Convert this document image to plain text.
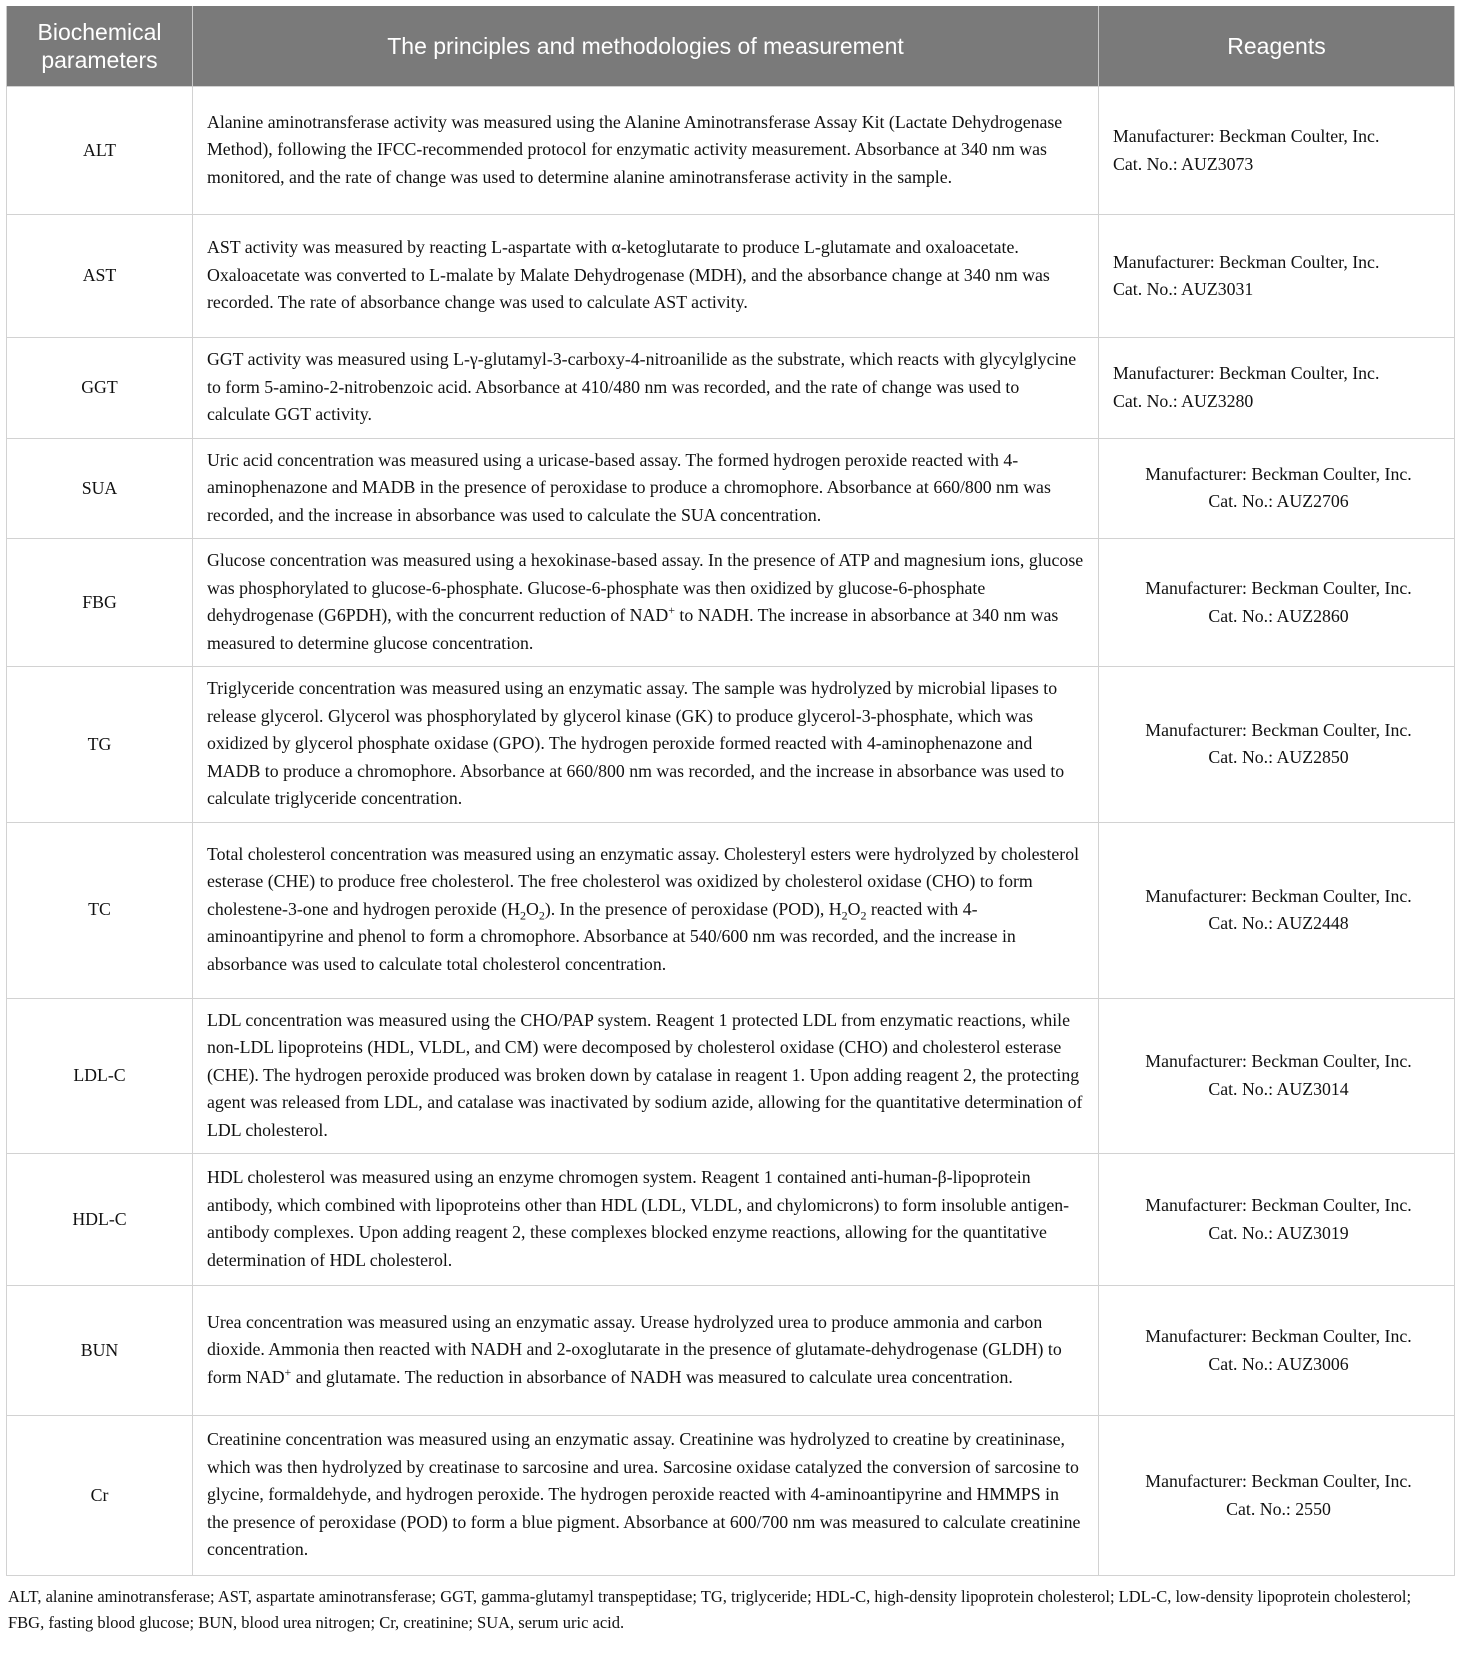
Biochemical parameters	The principles and methodologies of measurement	Reagents
ALT	Alanine aminotransferase activity was measured using the Alanine Aminotransferase Assay Kit (Lactate Dehydrogenase Method), following the IFCC-recommended protocol for enzymatic activity measurement. Absorbance at 340 nm was monitored, and the rate of change was used to determine alanine aminotransferase activity in the sample.	Manufacturer: Beckman Coulter, Inc.
Cat. No.: AUZ3073

AST	AST activity was measured by reacting L-aspartate with α-ketoglutarate to produce L-glutamate and oxaloacetate. Oxaloacetate was converted to L-malate by Malate Dehydrogenase (MDH), and the absorbance change at 340 nm was recorded. The rate of absorbance change was used to calculate AST activity.	Manufacturer: Beckman Coulter, Inc.
Cat. No.: AUZ3031

GGT	GGT activity was measured using L-γ-glutamyl-3-carboxy-4-nitroanilide as the substrate, which reacts with glycylglycine to form 5-amino-2-nitrobenzoic acid. Absorbance at 410/480 nm was recorded, and the rate of change was used to calculate GGT activity.	Manufacturer: Beckman Coulter, Inc.
Cat. No.: AUZ3280

SUA	Uric acid concentration was measured using a uricase-based assay. The formed hydrogen peroxide reacted with 4-aminophenazone and MADB in the presence of peroxidase to produce a chromophore. Absorbance at 660/800 nm was recorded, and the increase in absorbance was used to calculate the SUA concentration.	Manufacturer: Beckman Coulter, Inc.
Cat. No.: AUZ2706

FBG	Glucose concentration was measured using a hexokinase-based assay. In the presence of ATP and magnesium ions, glucose was phosphorylated to glucose-6-phosphate. Glucose-6-phosphate was then oxidized by glucose-6-phosphate dehydrogenase (G6PDH), with the concurrent reduction of NAD+ to NADH. The increase in absorbance at 340 nm was measured to determine glucose concentration.	Manufacturer: Beckman Coulter, Inc.
Cat. No.: AUZ2860

TG	Triglyceride concentration was measured using an enzymatic assay. The sample was hydrolyzed by microbial lipases to release glycerol. Glycerol was phosphorylated by glycerol kinase (GK) to produce glycerol-3-phosphate, which was oxidized by glycerol phosphate oxidase (GPO). The hydrogen peroxide formed reacted with 4-aminophenazone and MADB to produce a chromophore. Absorbance at 660/800 nm was recorded, and the increase in absorbance was used to calculate triglyceride concentration.	Manufacturer: Beckman Coulter, Inc.
Cat. No.: AUZ2850

TC	Total cholesterol concentration was measured using an enzymatic assay. Cholesteryl esters were hydrolyzed by cholesterol esterase (CHE) to produce free cholesterol. The free cholesterol was oxidized by cholesterol oxidase (CHO) to form cholestene-3-one and hydrogen peroxide $(H_2O_2)$. In the presence of peroxidase (POD), $H_2O_2$ reacted with 4-aminoantipyrine and phenol to form a chromophore. Absorbance at 540/600 nm was recorded, and the increase in absorbance was used to calculate total cholesterol concentration.	Manufacturer: Beckman Coulter, Inc.
Cat. No.: AUZ2448

LDL-C	LDL concentration was measured using the CHO/PAP system. Reagent 1 protected LDL from enzymatic reactions, while non-LDL lipoproteins (HDL, VLDL, and CM) were decomposed by cholesterol oxidase (CHO) and cholesterol esterase (CHE). The hydrogen peroxide produced was broken down by catalase in reagent 1. Upon adding reagent 2, the protecting agent was released from LDL, and catalase was inactivated by sodium azide, allowing for the quantitative determination of LDL cholesterol.	Manufacturer: Beckman Coulter, Inc.
Cat. No.: AUZ3014

HDL-C	HDL cholesterol was measured using an enzyme chromogen system. Reagent 1 contained anti-human-β-lipoprotein antibody, which combined with lipoproteins other than HDL (LDL, VLDL, and chylomicrons) to form insoluble antigen-antibody complexes. Upon adding reagent 2, these complexes blocked enzyme reactions, allowing for the quantitative determination of HDL cholesterol.	Manufacturer: Beckman Coulter, Inc.
Cat. No.: AUZ3019

BUN	Urea concentration was measured using an enzymatic assay. Urease hydrolyzed urea to produce ammonia and carbon dioxide. Ammonia then reacted with NADH and 2-oxoglutarate in the presence of glutamate-dehydrogenase (GLDH) to form NAD+ and glutamate. The reduction in absorbance of NADH was measured to calculate urea concentration.	Manufacturer: Beckman Coulter, Inc.
Cat. No.: AUZ3006

Cr	Creatinine concentration was measured using an enzymatic assay. Creatinine was hydrolyzed to creatine by creatininase, which was then hydrolyzed by creatinase to sarcosine and urea. Sarcosine oxidase catalyzed the conversion of sarcosine to glycine, formaldehyde, and hydrogen peroxide. The hydrogen peroxide reacted with 4-aminoantipyrine and HMMPS in the presence of peroxidase (POD) to form a blue pigment. Absorbance at 600/700 nm was measured to calculate creatinine concentration.	Manufacturer: Beckman Coulter, Inc.
Cat. No.: 2550
ALT, alanine aminotransferase; AST, aspartate aminotransferase; GGT, gamma-glutamyl transpeptidase; TG, triglyceride; HDL-C, high-density lipoprotein cholesterol; LDL-C, low-density lipoprotein cholesterol; FBG, fasting blood glucose; BUN, blood urea nitrogen; Cr, creatinine; SUA, serum uric acid.
